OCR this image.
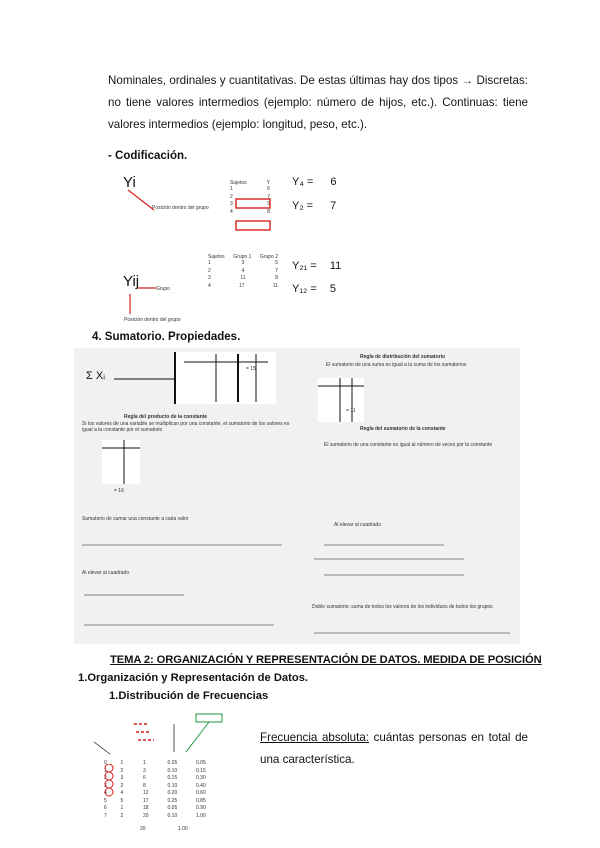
Nominales, ordinales y cuantitativas. De estas últimas hay dos tipos → Discretas: no tiene valores intermedios (ejemplo: número de hijos, etc.). Continuas: tiene valores intermedios (ejemplo: longitud, peso, etc.).
- Codificación.
Yi
Posición dentro del grupo
Sujetos	Y
1	6
2	7
3	9
4	8
Y₄ = 6
Y₂ = 7
Yij	Grupo
Posición dentro del grupo
Sujetos Grupo 1 Grupo 2
1	3	5
2	4	7
3	11	8
4	17	11
Y₂₁ = 11
Y₁₂ = 5
4. Sumatorio. Propiedades.
Σ Xᵢ
= 15
Regla del producto de la constante
Si los valores de una variable se multiplican por una constante, el sumatorio de los valores es igual a la constante por el sumatorio
= 16
Regla de distribución del sumatorio
El sumatorio de una suma es igual a la suma de los sumatorios
= 11
Regla del sumatorio de la constante
El sumatorio de una constante es igual al número de veces por la constante
Sumatorio de sumar una constante a cada valor
Al elevar al cuadrado
Al elevar al cuadrado
Doble sumatorio: suma de todos los valores de los individuos de todos los grupos
TEMA 2: ORGANIZACIÓN Y REPRESENTACIÓN DE DATOS. MEDIDA DE POSICIÓN
1.Organización y Representación de Datos.
1.Distribución de Frecuencias
0	1	1	0.05	0.05
1	2	3	0.10	0.15
2	3	6	0.15	0.30
3	2	8	0.10	0.40
4	4	12	0.20	0.60
5	5	17	0.25	0.85
6	1	18	0.05	0.90
7	2	20	0.10	1.00
20	1.00
Frecuencia absoluta: cuántas personas en total de una característica.
